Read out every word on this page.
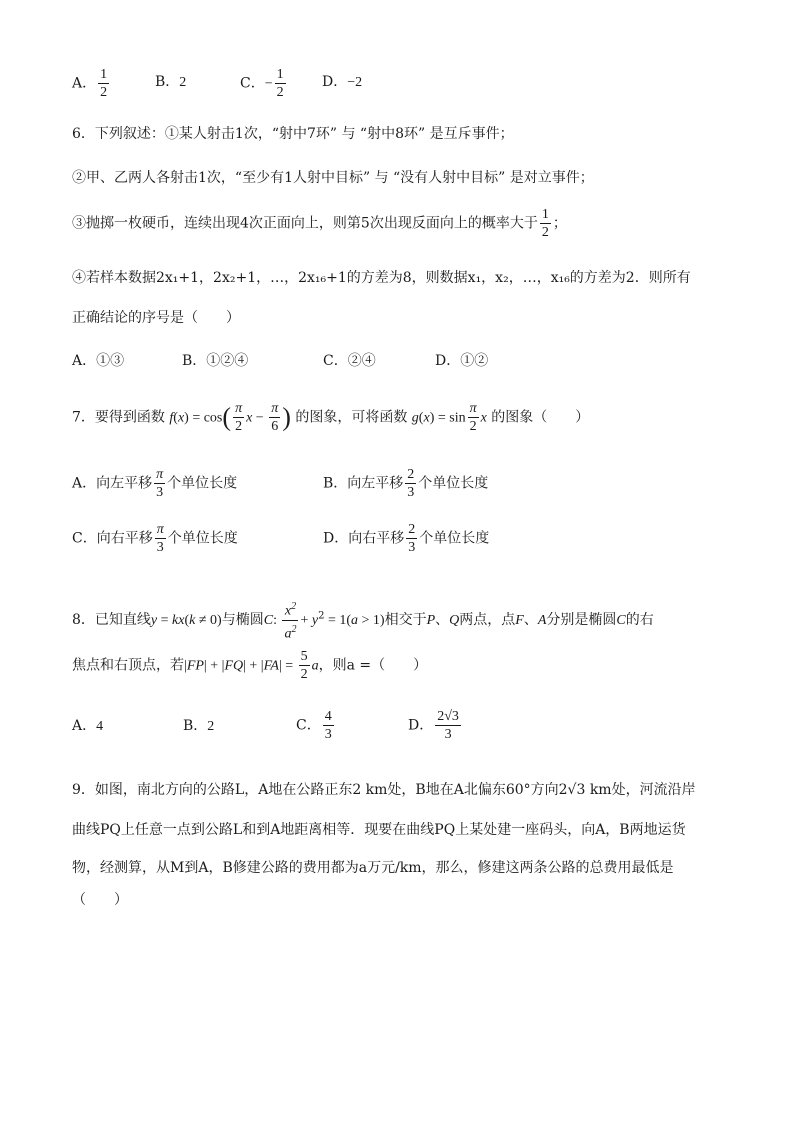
A． $\frac{1}{2}$	B．2	C．− $\frac{1}{2}$	D．−2
6．下列叙述：①某人射击1次，“射中7环” 与 “射中8环” 是互斥事件；
②甲、乙两人各射击1次，“至少有1人射中目标” 与 “没有人射中目标” 是对立事件；
③抛掷一枚硬币，连续出现4次正面向上，则第5次出现反面向上的概率大于 $\frac{1}{2}$ ；
④若样本数据2x₁+1，2x₂+1，…，2x₁₆+1的方差为8，则数据x₁，x₂，…，x₁₆的方差为2．则所有
正确结论的序号是（　　）
A．①③	B．①②④	C．②④	D．①②
7．要得到函数 $f(x) = \cos( \frac{\pi}{2}$ $x - \frac{\pi}{6}$ ) 的图象，可将函数 $g(x) = \sin \frac{\pi}{2}$ x 的图象（　　）
A．向左平移 $\frac{\pi}{3}$ 个单位长度	B．向左平移 $\frac{2}{3}$ 个单位长度
C．向右平移 $\frac{\pi}{3}$ 个单位长度	D．向右平移 $\frac{2}{3}$ 个单位长度
8．已知直线y = kx(k ≠ 0)与椭圆C: $\frac{x^2}{a^2} + y^2 = 1(a > 1)$相交于P、Q两点，点F、A分别是椭圆C的右
焦点和右顶点，若$|FP| + |FQ| + |FA| = \frac{5}{2}$ a，则a =（　　）
A．4	B．2	C． $\frac{4}{3}$	D． $\frac{2√3}{3}$
9．如图，南北方向的公路L，A地在公路正东2 km处，B地在A北偏东60°方向2√3 km处，河流沿岸
曲线PQ上任意一点到公路L和到A地距离相等．现要在曲线PQ上某处建一座码头，向A，B两地运货
物，经测算，从M到A，B修建公路的费用都为a万元/km，那么，修建这两条公路的总费用最低是
（　　）
